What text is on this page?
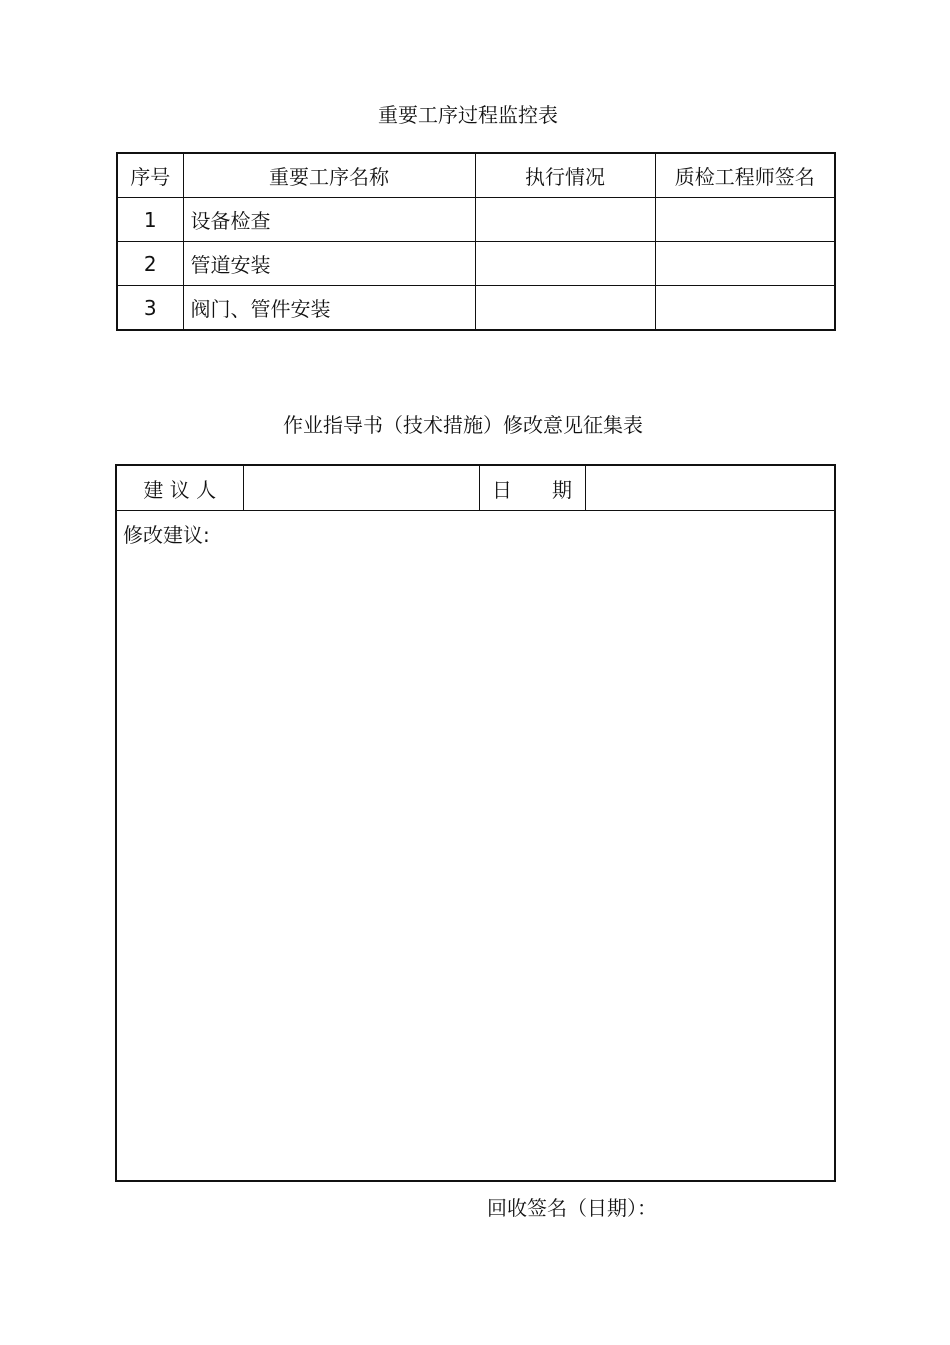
重要工序过程监控表
序号	重要工序名称	执行情况	质检工程师签名
1	设备检查		
2	管道安装		
3	阀门、管件安装		
作业指导书（技术措施）修改意见征集表
建 议 人		日　　期	

修改建议:
回收签名（日期）：
